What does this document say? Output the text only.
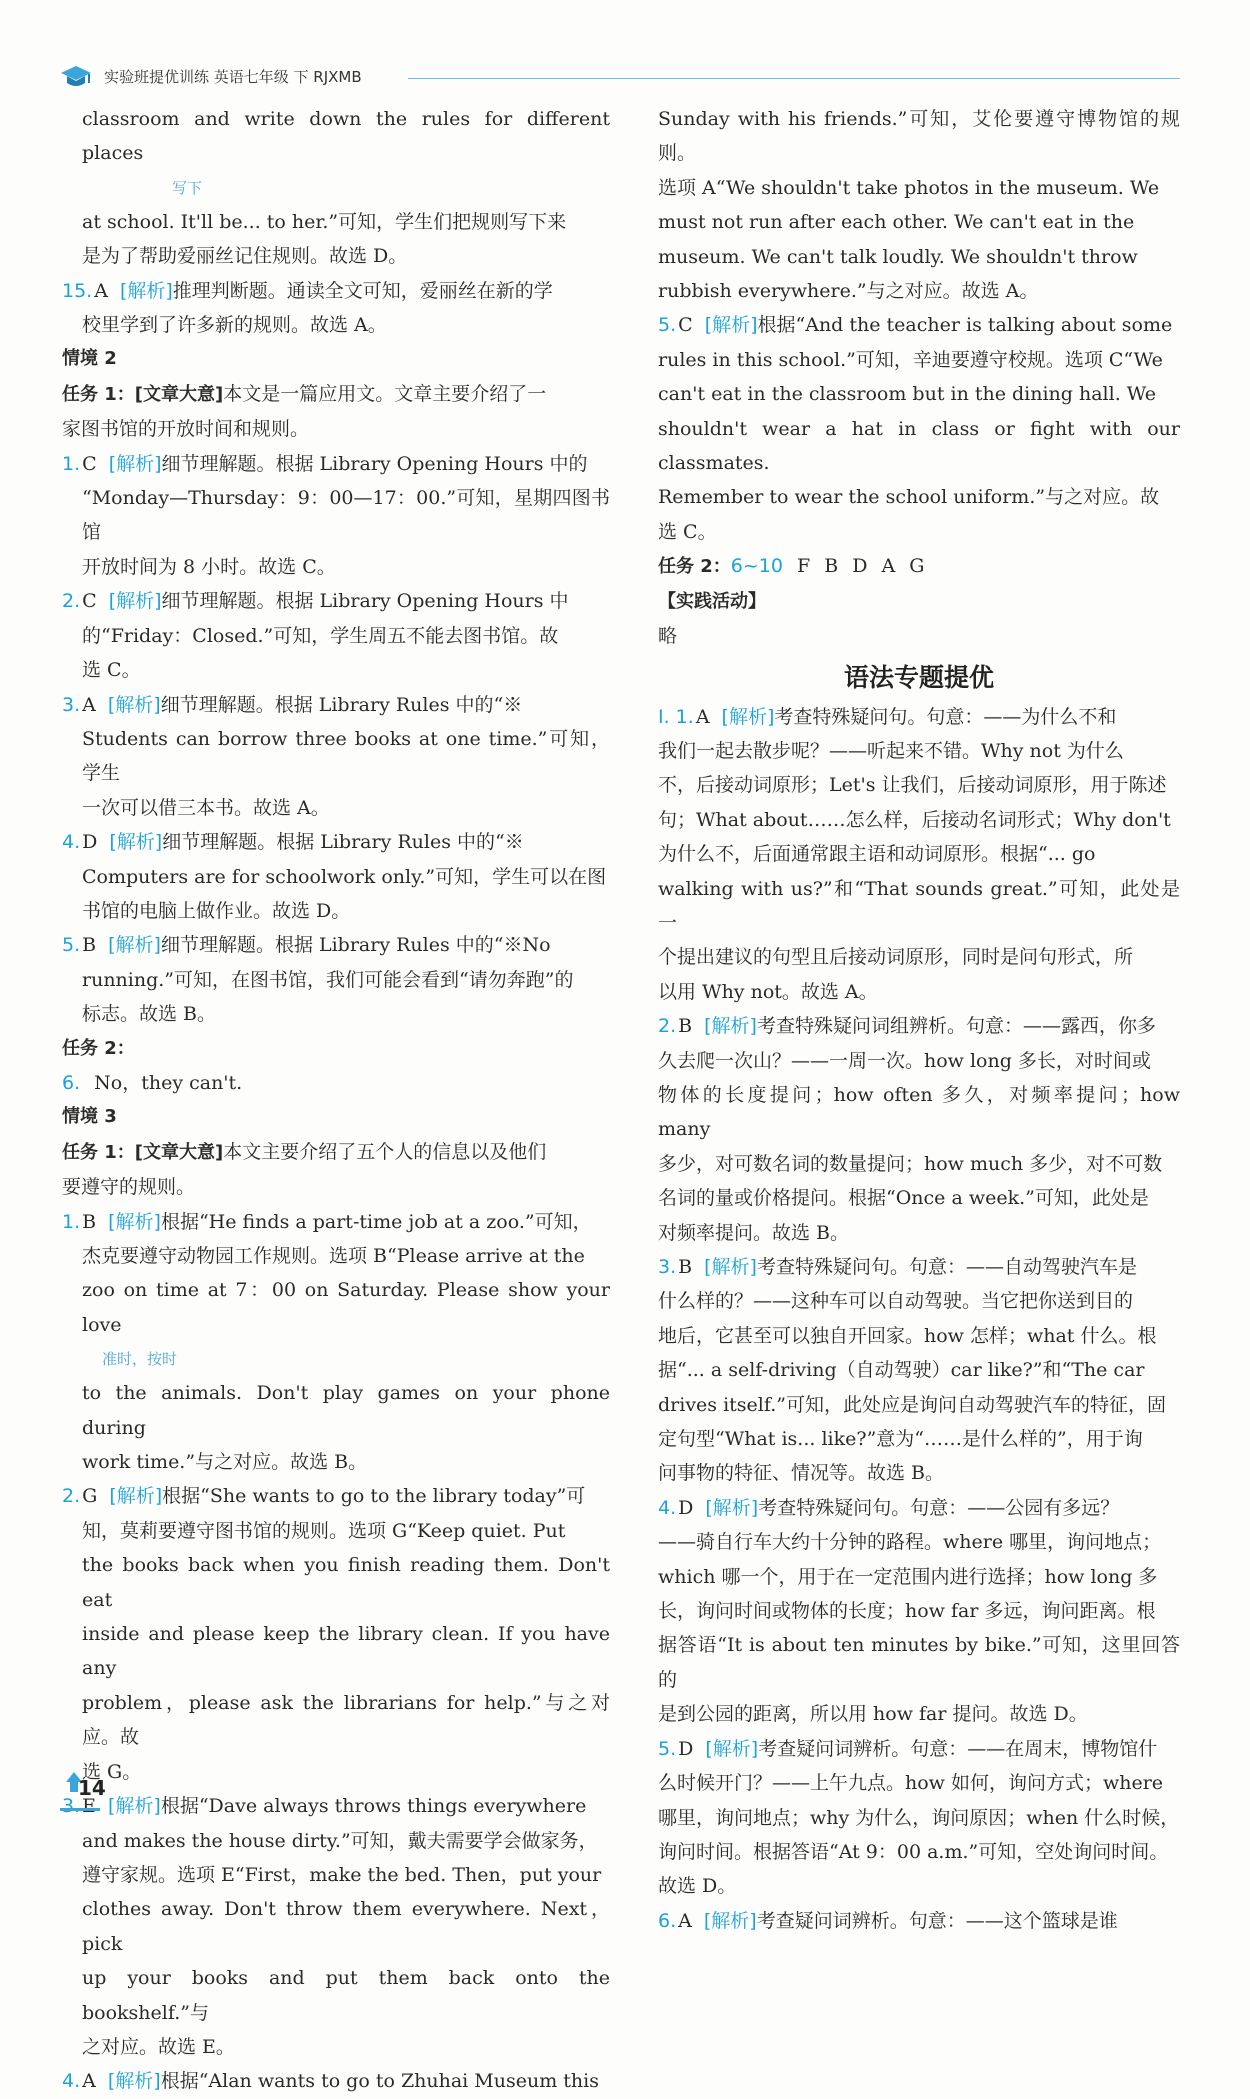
实验班提优训练 英语七年级 下 RJXMB

classroom and write down the rules for different places

写下

at school. It'll be... to her.”可知，学生们把规则写下来

是为了帮助爱丽丝记住规则。故选 D。

15. A [解析]推理判断题。通读全文可知，爱丽丝在新的学

校里学到了许多新的规则。故选 A。

情境 2

任务 1：[文章大意]本文是一篇应用文。文章主要介绍了一

家图书馆的开放时间和规则。

1. C [解析]细节理解题。根据 Library Opening Hours 中的

“Monday—Thursday：9：00—17：00.”可知，星期四图书馆

开放时间为 8 小时。故选 C。

2. C [解析]细节理解题。根据 Library Opening Hours 中

的“Friday：Closed.”可知，学生周五不能去图书馆。故

选 C。

3. A [解析]细节理解题。根据 Library Rules 中的“※

Students can borrow three books at one time.”可知，学生

一次可以借三本书。故选 A。

4. D [解析]细节理解题。根据 Library Rules 中的“※

Computers are for schoolwork only.”可知，学生可以在图

书馆的电脑上做作业。故选 D。

5. B [解析]细节理解题。根据 Library Rules 中的“※No

running.”可知，在图书馆，我们可能会看到“请勿奔跑”的

标志。故选 B。

任务 2：

6. No，they can't.

情境 3

任务 1：[文章大意]本文主要介绍了五个人的信息以及他们

要遵守的规则。

1. B [解析]根据“He finds a part-time job at a zoo.”可知，

杰克要遵守动物园工作规则。选项 B“Please arrive at the

zoo on time at 7：00 on Saturday. Please show your love

准时，按时

to the animals. Don't play games on your phone during

work time.”与之对应。故选 B。

2. G [解析]根据“She wants to go to the library today”可

知，莫莉要遵守图书馆的规则。选项 G“Keep quiet. Put

the books back when you finish reading them. Don't eat

inside and please keep the library clean. If you have any

problem，please ask the librarians for help.”与之对应。故

选 G。

3. E [解析]根据“Dave always throws things everywhere

and makes the house dirty.”可知，戴夫需要学会做家务，

遵守家规。选项 E“First，make the bed. Then，put your

clothes away. Don't throw them everywhere. Next，pick

up your books and put them back onto the bookshelf.”与

之对应。故选 E。

4. A [解析]根据“Alan wants to go to Zhuhai Museum this

Sunday with his friends.”可知，艾伦要遵守博物馆的规则。

选项 A“We shouldn't take photos in the museum. We

must not run after each other. We can't eat in the

museum. We can't talk loudly. We shouldn't throw

rubbish everywhere.”与之对应。故选 A。

5. C [解析]根据“And the teacher is talking about some

rules in this school.”可知，辛迪要遵守校规。选项 C“We

can't eat in the classroom but in the dining hall. We

shouldn't wear a hat in class or fight with our classmates.

Remember to wear the school uniform.”与之对应。故

选 C。

任务 2：6~10 F B D A G

【实践活动】

略

语法专题提优

Ⅰ. 1. A [解析]考查特殊疑问句。句意：——为什么不和

我们一起去散步呢？——听起来不错。Why not 为什么

不，后接动词原形；Let's 让我们，后接动词原形，用于陈述

句；What about……怎么样，后接动名词形式；Why don't

为什么不，后面通常跟主语和动词原形。根据“... go

walking with us?”和“That sounds great.”可知，此处是一

个提出建议的句型且后接动词原形，同时是问句形式，所

以用 Why not。故选 A。

2. B [解析]考查特殊疑问词组辨析。句意：——露西，你多

久去爬一次山？——一周一次。how long 多长，对时间或

物体的长度提问；how often 多久，对频率提问；how many

多少，对可数名词的数量提问；how much 多少，对不可数

名词的量或价格提问。根据“Once a week.”可知，此处是

对频率提问。故选 B。

3. B [解析]考查特殊疑问句。句意：——自动驾驶汽车是

什么样的？——这种车可以自动驾驶。当它把你送到目的

地后，它甚至可以独自开回家。how 怎样；what 什么。根

据“... a self-driving（自动驾驶）car like?”和“The car

drives itself.”可知，此处应是询问自动驾驶汽车的特征，固

定句型“What is... like?”意为“……是什么样的”，用于询

问事物的特征、情况等。故选 B。

4. D [解析]考查特殊疑问句。句意：——公园有多远？

——骑自行车大约十分钟的路程。where 哪里，询问地点；

which 哪一个，用于在一定范围内进行选择；how long 多

长，询问时间或物体的长度；how far 多远，询问距离。根

据答语“It is about ten minutes by bike.”可知，这里回答的

是到公园的距离，所以用 how far 提问。故选 D。

5. D [解析]考查疑问词辨析。句意：——在周末，博物馆什

么时候开门？——上午九点。how 如何，询问方式；where

哪里，询问地点；why 为什么，询问原因；when 什么时候，

询问时间。根据答语“At 9：00 a.m.”可知，空处询问时间。

故选 D。

6. A [解析]考查疑问词辨析。句意：——这个篮球是谁

14
